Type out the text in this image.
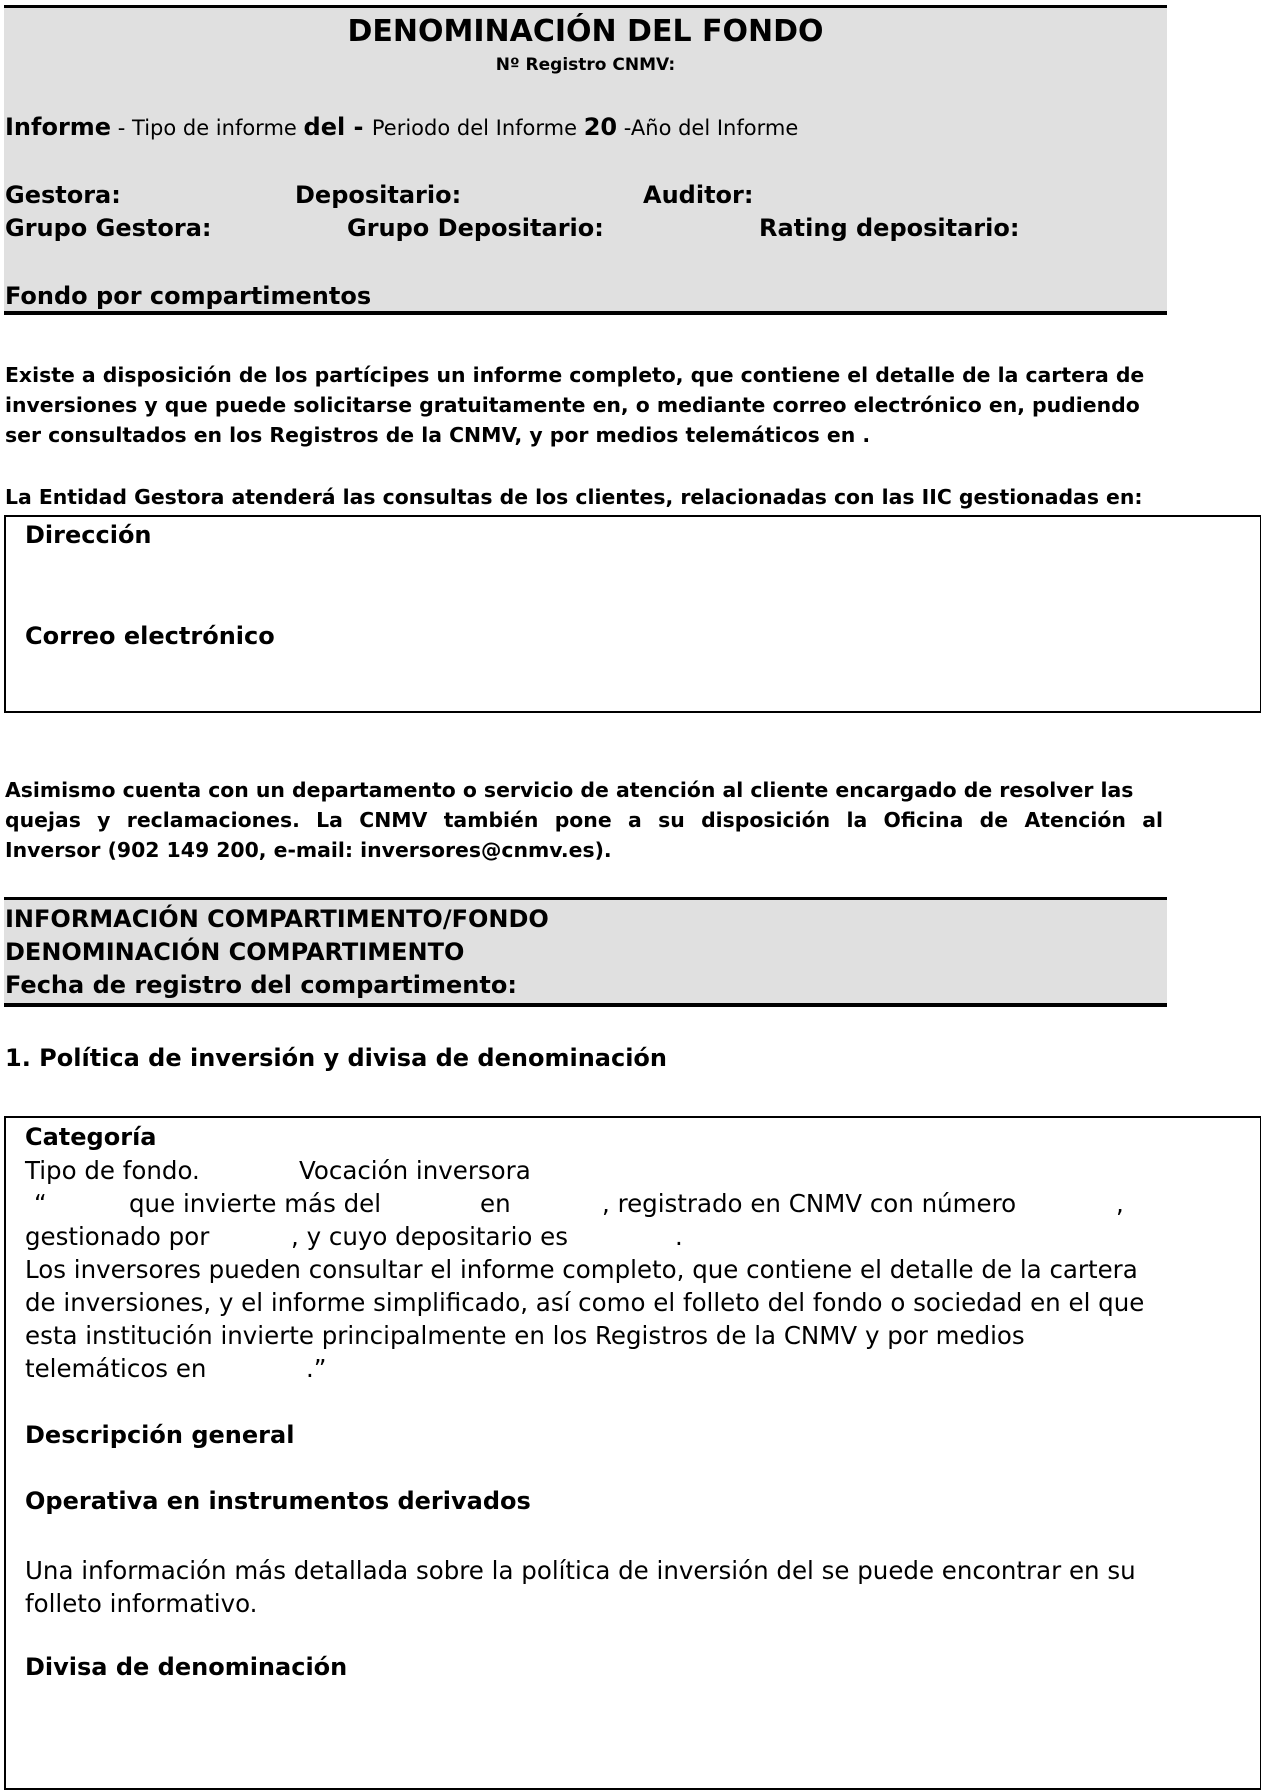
DENOMINACIÓN DEL FONDO
Nº Registro CNMV:
Informe - Tipo de informe del - Periodo del Informe 20 -Año del Informe
Gestora:	Depositario:	Auditor:
Grupo Gestora:	Grupo Depositario:	Rating depositario:
Fondo por compartimentos
Existe a disposición de los partícipes un informe completo, que contiene el detalle de la cartera de
inversiones y que puede solicitarse gratuitamente en, o mediante correo electrónico en, pudiendo
ser consultados en los Registros de la CNMV, y por medios telemáticos en .
La Entidad Gestora atenderá las consultas de los clientes, relacionadas con las IIC gestionadas en:
Dirección
Correo electrónico
Asimismo cuenta con un departamento o servicio de atención al cliente encargado de resolver las
quejas y reclamaciones. La CNMV también pone a su disposición la Oficina de Atención al
Inversor (902 149 200, e-mail: inversores@cnmv.es).
INFORMACIÓN COMPARTIMENTO/FONDO
DENOMINACIÓN COMPARTIMENTO
Fecha de registro del compartimento:
1. Política de inversión y divisa de denominación
Categoría
Tipo de fondo.	Vocación inversora
“	que invierte más del	en	, registrado en CNMV con número	,
gestionado por	, y cuyo depositario es	.
Los inversores pueden consultar el informe completo, que contiene el detalle de la cartera
de inversiones, y el informe simplificado, así como el folleto del fondo o sociedad en el que
esta institución invierte principalmente en los Registros de la CNMV y por medios
telemáticos en	.”
Descripción general
Operativa en instrumentos derivados
Una información más detallada sobre la política de inversión del se puede encontrar en su
folleto informativo.
Divisa de denominación
